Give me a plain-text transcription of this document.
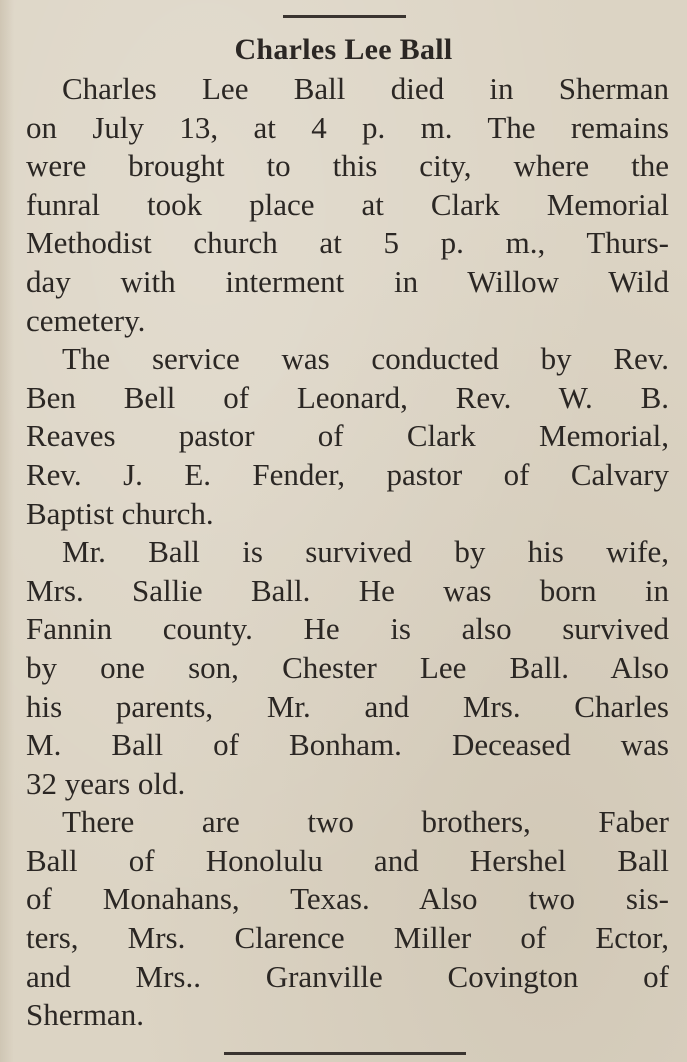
Charles Lee Ball
Charles Lee Ball died in Sherman
on July 13, at 4 p. m. The remains
were brought to this city, where the
funral took place at Clark Memorial
Methodist church at 5 p. m., Thurs-
day with interment in Willow Wild
cemetery.
The service was conducted by Rev.
Ben Bell of Leonard, Rev. W. B.
Reaves pastor of Clark Memorial,
Rev. J. E. Fender, pastor of Calvary
Baptist church.
Mr. Ball is survived by his wife,
Mrs. Sallie Ball. He was born in
Fannin county. He is also survived
by one son, Chester Lee Ball. Also
his parents, Mr. and Mrs. Charles
M. Ball of Bonham. Deceased was
32 years old.
There are two brothers, Faber
Ball of Honolulu and Hershel Ball
of Monahans, Texas. Also two sis-
ters, Mrs. Clarence Miller of Ector,
and Mrs.. Granville Covington of
Sherman.
